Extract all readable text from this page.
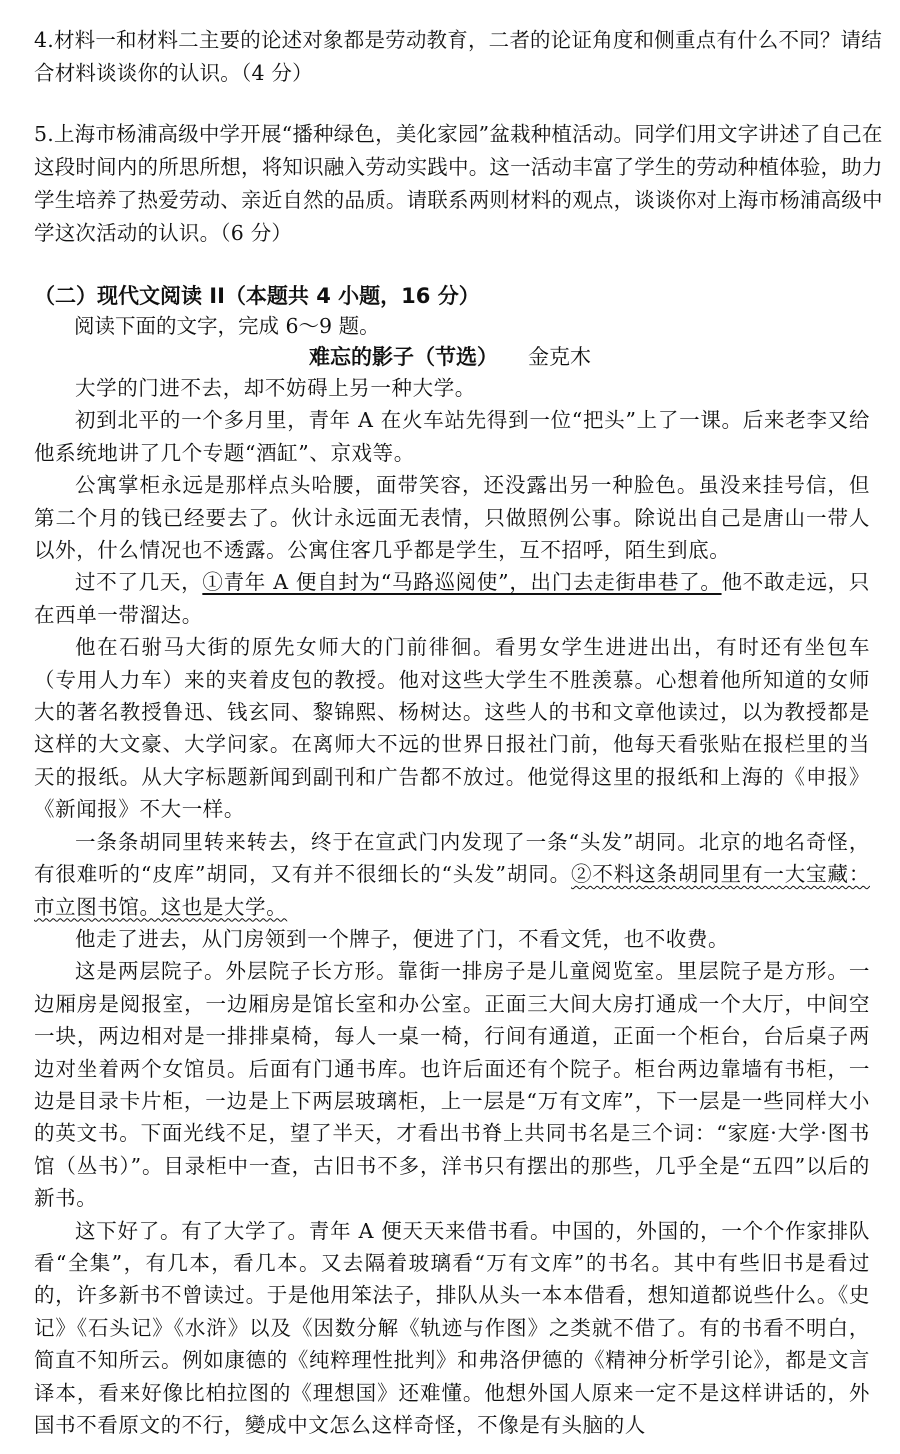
4.材料一和材料二主要的论述对象都是劳动教育，二者的论证角度和侧重点有什么不同？请结合材料谈谈你的认识。（4 分）

5.上海市杨浦高级中学开展“播种绿色，美化家园”盆栽种植活动。同学们用文字讲述了自己在这段时间内的所思所想，将知识融入劳动实践中。这一活动丰富了学生的劳动种植体验，助力学生培养了热爱劳动、亲近自然的品质。请联系两则材料的观点，谈谈你对上海市杨浦高级中学这次活动的认识。（6 分）

（二）现代文阅读 II（本题共 4 小题，16 分）

阅读下面的文字，完成 6～9 题。

难忘的影子（节选） 金克木

大学的门进不去，却不妨碍上另一种大学。

初到北平的一个多月里，青年 A 在火车站先得到一位“把头”上了一课。后来老李又给他系统地讲了几个专题“酒缸”、京戏等。

公寓掌柜永远是那样点头哈腰，面带笑容，还没露出另一种脸色。虽没来挂号信，但第二个月的钱已经要去了。伙计永远面无表情，只做照例公事。除说出自己是唐山一带人以外，什么情况也不透露。公寓住客几乎都是学生，互不招呼，陌生到底。

过不了几天，①青年 A 便自封为“马路巡阅使”，出门去走街串巷了。他不敢走远，只在西单一带溜达。

他在石驸马大街的原先女师大的门前徘徊。看男女学生进进出出，有时还有坐包车（专用人力车）来的夹着皮包的教授。他对这些大学生不胜羡慕。心想着他所知道的女师大的著名教授鲁迅、钱玄同、黎锦熙、杨树达。这些人的书和文章他读过，以为教授都是这样的大文豪、大学问家。在离师大不远的世界日报社门前，他每天看张贴在报栏里的当天的报纸。从大字标题新闻到副刊和广告都不放过。他觉得这里的报纸和上海的《申报》《新闻报》不大一样。

一条条胡同里转来转去，终于在宣武门内发现了一条“头发”胡同。北京的地名奇怪，有很难听的“皮库”胡同，又有并不很细长的“头发”胡同。②不料这条胡同里有一大宝藏：市立图书馆。这也是大学。

他走了进去，从门房领到一个牌子，便进了门，不看文凭，也不收费。

这是两层院子。外层院子长方形。靠街一排房子是儿童阅览室。里层院子是方形。一边厢房是阅报室，一边厢房是馆长室和办公室。正面三大间大房打通成一个大厅，中间空一块，两边相对是一排排桌椅，每人一桌一椅，行间有通道，正面一个柜台，台后桌子两边对坐着两个女馆员。后面有门通书库。也许后面还有个院子。柜台两边靠墙有书柜，一边是目录卡片柜，一边是上下两层玻璃柜，上一层是“万有文库”，下一层是一些同样大小的英文书。下面光线不足，望了半天，才看出书脊上共同书名是三个词：“家庭·大学·图书馆（丛书）”。目录柜中一查，古旧书不多，洋书只有摆出的那些，几乎全是“五四”以后的新书。

这下好了。有了大学了。青年 A 便天天来借书看。中国的，外国的，一个个作家排队看“全集”，有几本，看几本。又去隔着玻璃看“万有文库”的书名。其中有些旧书是看过的，许多新书不曾读过。于是他用笨法子，排队从头一本本借看，想知道都说些什么。《史记》《石头记》《水浒》以及《因数分解《轨迹与作图》之类就不借了。有的书看不明白，简直不知所云。例如康德的《纯粹理性批判》和弗洛伊德的《精神分析学引论》，都是文言译本，看来好像比柏拉图的《理想国》还难懂。他想外国人原来一定不是这样讲话的，外国书不看原文的不行，變成中文怎么这样奇怪，不像是有头脑的人
